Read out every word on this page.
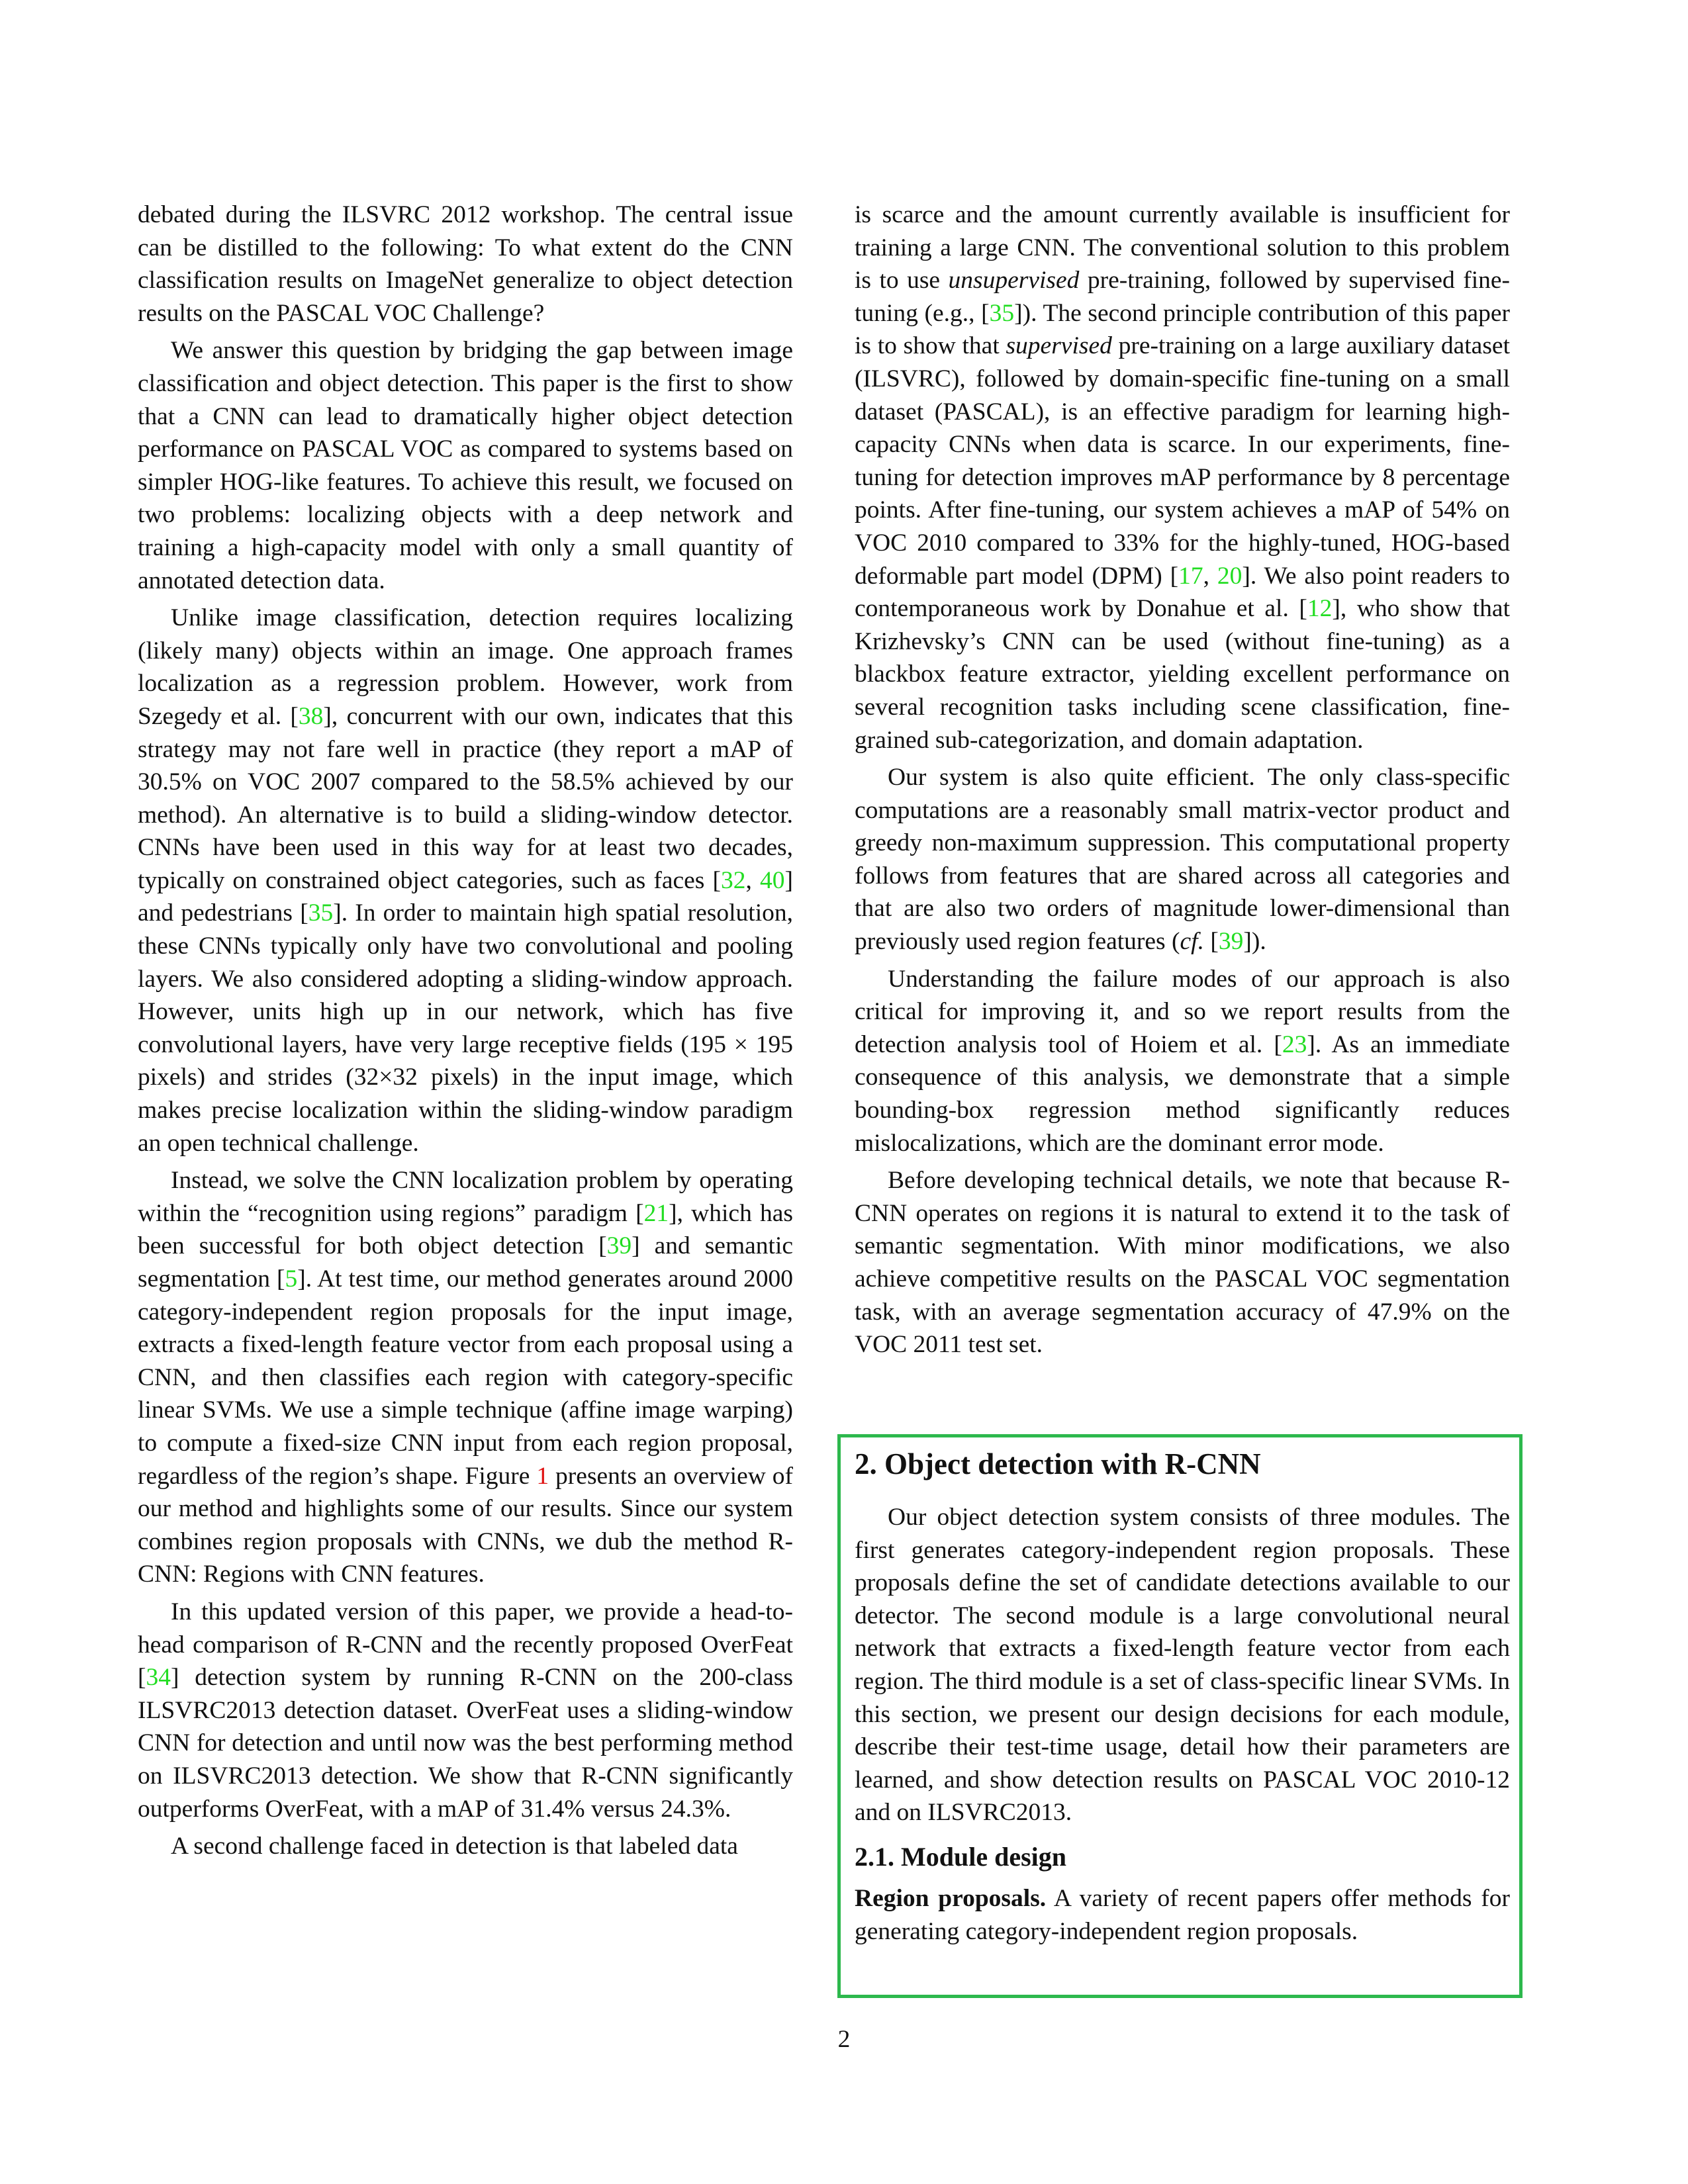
debated during the ILSVRC 2012 workshop. The central issue can be distilled to the following: To what extent do the CNN classification results on ImageNet generalize to object detection results on the PASCAL VOC Challenge?

We answer this question by bridging the gap between image classification and object detection. This paper is the first to show that a CNN can lead to dramatically higher object detection performance on PASCAL VOC as compared to systems based on simpler HOG-like features. To achieve this result, we focused on two problems: localizing objects with a deep network and training a high-capacity model with only a small quantity of annotated detection data.

Unlike image classification, detection requires localizing (likely many) objects within an image. One approach frames localization as a regression problem. However, work from Szegedy et al. [38], concurrent with our own, indicates that this strategy may not fare well in practice (they report a mAP of 30.5% on VOC 2007 compared to the 58.5% achieved by our method). An alternative is to build a sliding-window detector. CNNs have been used in this way for at least two decades, typically on constrained object categories, such as faces [32, 40] and pedestrians [35]. In order to maintain high spatial resolution, these CNNs typically only have two convolutional and pooling layers. We also considered adopting a sliding-window approach. However, units high up in our network, which has five convolutional layers, have very large receptive fields (195 × 195 pixels) and strides (32×32 pixels) in the input image, which makes precise localization within the sliding-window paradigm an open technical challenge.

Instead, we solve the CNN localization problem by operating within the “recognition using regions” paradigm [21], which has been successful for both object detection [39] and semantic segmentation [5]. At test time, our method generates around 2000 category-independent region proposals for the input image, extracts a fixed-length feature vector from each proposal using a CNN, and then classifies each region with category-specific linear SVMs. We use a simple technique (affine image warping) to compute a fixed-size CNN input from each region proposal, regardless of the region’s shape. Figure 1 presents an overview of our method and highlights some of our results. Since our system combines region proposals with CNNs, we dub the method R-CNN: Regions with CNN features.

In this updated version of this paper, we provide a head-to-head comparison of R-CNN and the recently proposed OverFeat [34] detection system by running R-CNN on the 200-class ILSVRC2013 detection dataset. OverFeat uses a sliding-window CNN for detection and until now was the best performing method on ILSVRC2013 detection. We show that R-CNN significantly outperforms OverFeat, with a mAP of 31.4% versus 24.3%.

A second challenge faced in detection is that labeled data

is scarce and the amount currently available is insufficient for training a large CNN. The conventional solution to this problem is to use unsupervised pre-training, followed by supervised fine-tuning (e.g., [35]). The second principle contribution of this paper is to show that supervised pre-training on a large auxiliary dataset (ILSVRC), followed by domain-specific fine-tuning on a small dataset (PASCAL), is an effective paradigm for learning high-capacity CNNs when data is scarce. In our experiments, fine-tuning for detection improves mAP performance by 8 percentage points. After fine-tuning, our system achieves a mAP of 54% on VOC 2010 compared to 33% for the highly-tuned, HOG-based deformable part model (DPM) [17, 20]. We also point readers to contemporaneous work by Donahue et al. [12], who show that Krizhevsky’s CNN can be used (without fine-tuning) as a blackbox feature extractor, yielding excellent performance on several recognition tasks including scene classification, fine-grained sub-categorization, and domain adaptation.

Our system is also quite efficient. The only class-specific computations are a reasonably small matrix-vector product and greedy non-maximum suppression. This computational property follows from features that are shared across all categories and that are also two orders of magnitude lower-dimensional than previously used region features (cf. [39]).

Understanding the failure modes of our approach is also critical for improving it, and so we report results from the detection analysis tool of Hoiem et al. [23]. As an immediate consequence of this analysis, we demonstrate that a simple bounding-box regression method significantly reduces mislocalizations, which are the dominant error mode.

Before developing technical details, we note that because R-CNN operates on regions it is natural to extend it to the task of semantic segmentation. With minor modifications, we also achieve competitive results on the PASCAL VOC segmentation task, with an average segmentation accuracy of 47.9% on the VOC 2011 test set.

2. Object detection with R-CNN

Our object detection system consists of three modules. The first generates category-independent region proposals. These proposals define the set of candidate detections available to our detector. The second module is a large convolutional neural network that extracts a fixed-length feature vector from each region. The third module is a set of class-specific linear SVMs. In this section, we present our design decisions for each module, describe their test-time usage, detail how their parameters are learned, and show detection results on PASCAL VOC 2010-12 and on ILSVRC2013.

2.1. Module design

Region proposals. A variety of recent papers offer methods for generating category-independent region proposals.

2
